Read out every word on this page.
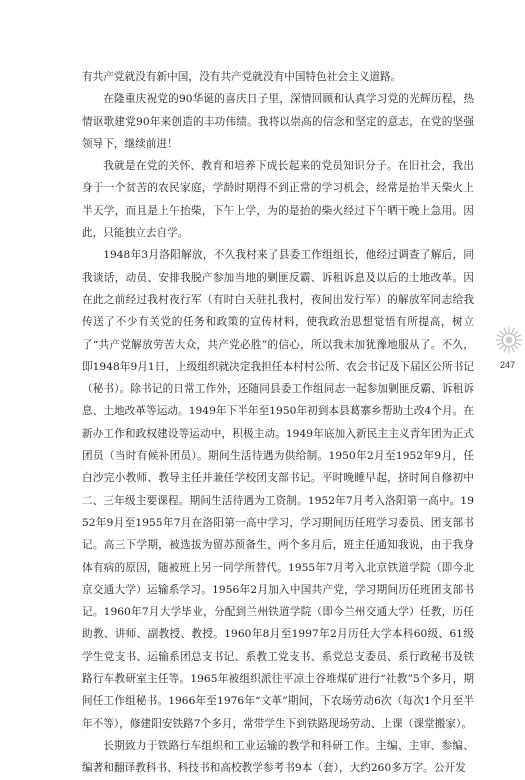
有共产党就没有新中国，没有共产党就没有中国特色社会主义道路。

在隆重庆祝党的90华诞的喜庆日子里，深情回顾和认真学习党的光辉历程，热情讴歌建党90年来创造的丰功伟绩。我将以崇高的信念和坚定的意志，在党的坚强领导下，继续前进！

我就是在党的关怀、教育和培养下成长起来的党员知识分子。在旧社会，我出身于一个贫苦的农民家庭，学龄时期得不到正常的学习机会，经常是抬半天柴火上半天学，而且是上午抬柴，下午上学，为的是抬的柴火经过下午晒干晚上急用。因此，只能独立去自学。

1948年3月洛阳解放，不久我村来了县委工作组组长，他经过调查了解后，同我谈话，动员、安排我脱产参加当地的剿匪反霸、诉租诉息及以后的土地改革。因在此之前经过我村夜行军（有时白天驻扎我村，夜间出发行军）的解放军同志给我传送了不少有关党的任务和政策的宣传材料，使我政治思想觉悟有所提高，树立了“共产党解放劳苦大众，共产党必胜”的信心，所以我未加犹豫地服从了。不久，即1948年9月1日，上级组织就决定我担任本村村公所、农会书记及下届区公所书记（秘书）。除书记的日常工作外，还随同县委工作组同志一起参加剿匪反霸、诉租诉息、土地改革等运动。1949年下半年至1950年初到本县葛寨乡帮助土改4个月。在新办工作和政权建设等运动中，积极主动。1949年底加入新民主主义青年团为正式团员（当时有候补团员）。期间生活待遇为供给制。1950年2月至1952年9月，任白沙完小教师、教导主任并兼任学校团支部书记。平时晚睡早起，挤时间自修初中二、三年级主要课程。期间生活待遇为工资制。1952年7月考入洛阳第一高中。1952年9月至1955年7月在洛阳第一高中学习，学习期间历任班学习委员、团支部书记。高三下学期，被选拔为留苏预备生，两个多月后，班主任通知我说，由于我身体有病的原因，随被班上另一同学所替代。1955年7月考入北京铁道学院（即今北京交通大学）运输系学习。1956年2月加入中国共产党，学习期间历任班团支部书记。1960年7月大学毕业，分配到兰州铁道学院（即今兰州交通大学）任教，历任助教、讲师、副教授、教授。1960年8月至1997年2月历任大学本科60级、61级学生党支书、运输系团总支书记、系教工党支书、系党总支委员、系行政秘书及铁路行车教研室主任等。1965年被组织派往平凉土谷堆煤矿进行“社教”5个多月，期间任工作组秘书。1966年至1976年“文革”期间，下农场劳动6次（每次1个月至半年不等），修建阳安铁路7个多月，常带学生下到铁路现场劳动、上课（课堂搬家）。

长期致力于铁路行车组织和工业运输的教学和科研工作。主编、主审、参编、编著和翻译教科书、科技书和高校教学参考书9本（套），大约260多万字。公开发

247
